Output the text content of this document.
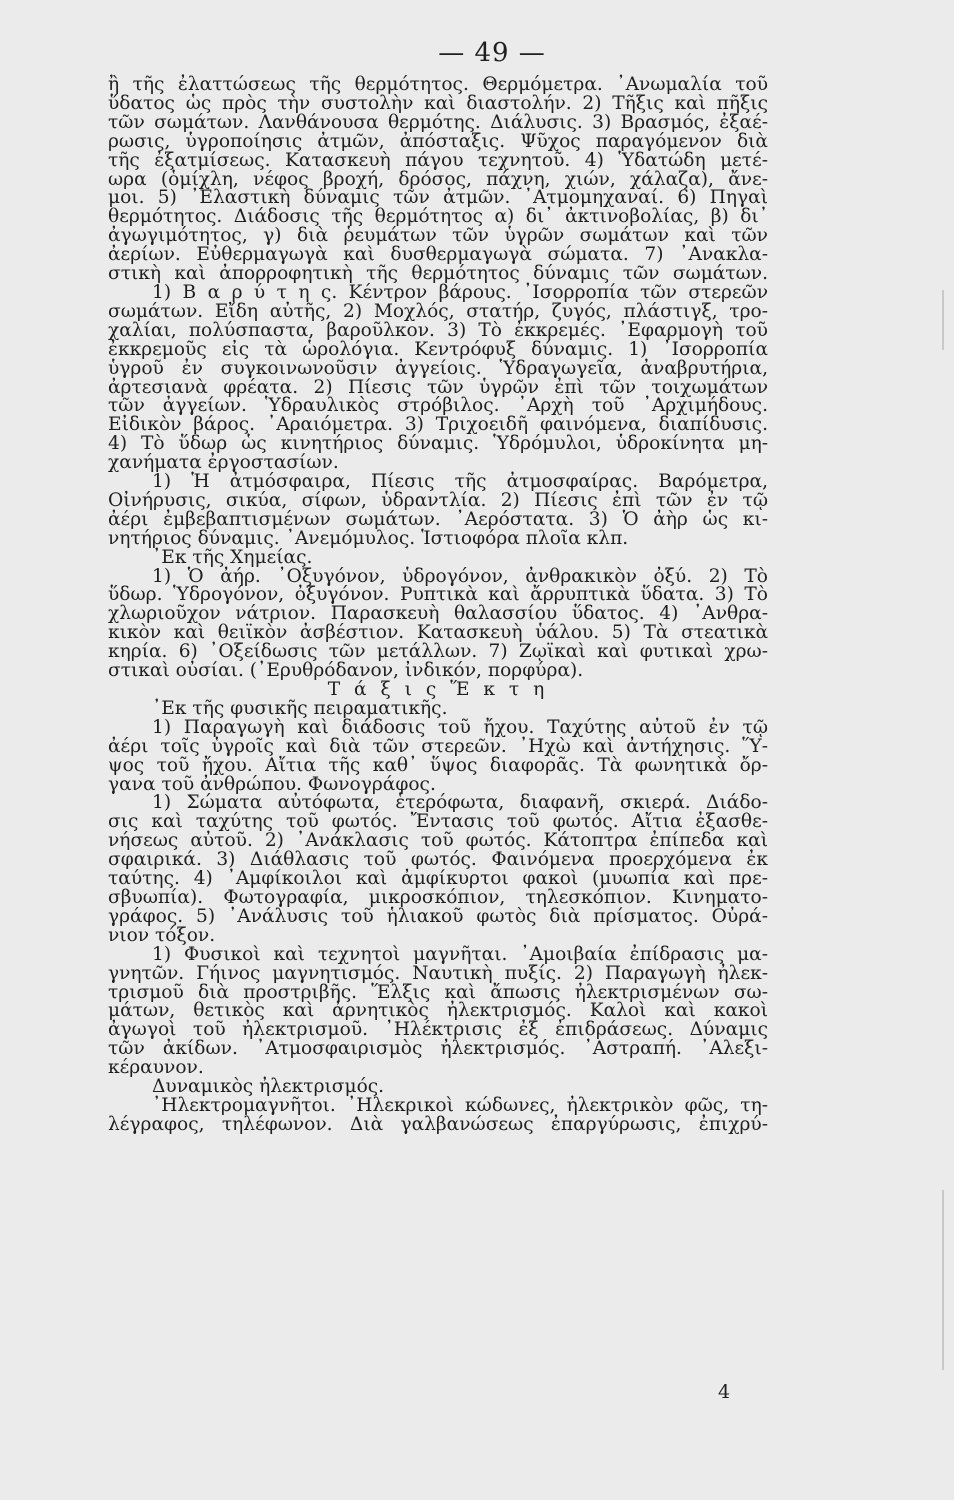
— 49 —
ἢ τῆς ἐλαττώσεως τῆς θερμότητος. Θερμόμετρα. ᾿Ανωμαλία τοῦ
ὕδατος ὡς πρὸς τὴν συστολὴν καὶ διαστολήν. 2) Τῆξις καὶ πῆξις
τῶν σωμάτων. Λανθάνουσα θερμότης. Διάλυσις. 3) Βρασμός, ἐξαέ-
ρωσις, ὑγροποίησις ἀτμῶν, ἀπόσταξις. Ψῦχος παραγόμενον διὰ
τῆς ἐξατμίσεως. Κατασκευὴ πάγου τεχνητοῦ. 4) Ὑδατώδη μετέ-
ωρα (ὁμίχλη, νέφος βροχή, δρόσος, πάχνη, χιών, χάλαζα), ἄνε-
μοι. 5) ᾿Ελαστικὴ δύναμις τῶν ἀτμῶν. ᾿Ατμομηχαναί. 6) Πηγαὶ
θερμότητος. Διάδοσις τῆς θερμότητος α) δι᾿ ἀκτινοβολίας, β) δι᾿
ἀγωγιμότητος, γ) διὰ ῥευμάτων τῶν ὑγρῶν σωμάτων καὶ τῶν
ἀερίων. Εὐθερμαγωγὰ καὶ δυσθερμαγωγὰ σώματα. 7) ᾿Ανακλα-
στικὴ καὶ ἀπορροφητικὴ τῆς θερμότητος δύναμις τῶν σωμάτων.
1) Β α ρ ύ τ η ς. Κέντρον βάρους. ᾿Ισορροπία τῶν στερεῶν
σωμάτων. Εἴδη αὐτῆς, 2) Μοχλός, στατήρ, ζυγός, πλάστιγξ, τρο-
χαλίαι, πολύσπαστα, βαροῦλκον. 3) Τὸ ἐκκρεμές. ᾿Εφαρμογὴ τοῦ
ἐκκρεμοῦς εἰς τὰ ὡρολόγια. Κεντρόφυξ δύναμις. 1) ᾿Ισορροπία
ὑγροῦ ἐν συγκοινωνοῦσιν ἀγγείοις. Ὑδραγωγεῖα, ἀναβρυτήρια,
ἀρτεσιανὰ φρέατα. 2) Πίεσις τῶν ὑγρῶν ἐπὶ τῶν τοιχωμάτων
τῶν ἀγγείων. Ὑδραυλικὸς στρόβιλος. ᾿Αρχὴ τοῦ ᾿Αρχιμήδους.
Εἰδικὸν βάρος. ᾿Αραιόμετρα. 3) Τριχοειδῆ φαινόμενα, διαπίδυσις.
4) Τὸ ὕδωρ ὡς κινητήριος δύναμις. Ὑδρόμυλοι, ὑδροκίνητα μη-
χανήματα ἐργοστασίων.
1) Ἡ ἀτμόσφαιρα, Πίεσις τῆς ἀτμοσφαίρας. Βαρόμετρα,
Οἰνήρυσις, σικύα, σίφων, ὑδραντλία. 2) Πίεσις ἐπὶ τῶν ἐν τῷ
ἀέρι ἐμβεβαπτισμένων σωμάτων. ᾿Αερόστατα. 3) Ὁ ἀὴρ ὡς κι-
νητήριος δύναμις. ᾿Ανεμόμυλος. Ἱστιοφόρα πλοῖα κλπ.
᾿Εκ τῆς Χημείας.
1) Ὁ ἀήρ. ᾿Οξυγόνον, ὑδρογόνον, ἀνθρακικὸν ὀξύ. 2) Τὸ
ὕδωρ. Ὑδρογόνον, ὀξυγόνον. Ρυπτικὰ καὶ ἄρρυπτικὰ ὕδατα. 3) Τὸ
χλωριοῦχον νάτριον. Παρασκευὴ θαλασσίου ὕδατος. 4) ᾿Ανθρα-
κικὸν καὶ θειϊκὸν ἀσβέστιον. Κατασκευὴ ὑάλου. 5) Τὰ στεατικὰ
κηρία. 6) ᾿Οξείδωσις τῶν μετάλλων. 7) Ζῳϊκαὶ καὶ φυτικαὶ χρω-
στικαὶ οὐσίαι. (᾿Ερυθρόδανον, ἰνδικόν, πορφύρα).
Τ ά ξ ι ς Ἕ κ τ η
᾿Εκ τῆς φυσικῆς πειραματικῆς.
1) Παραγωγὴ καὶ διάδοσις τοῦ ἤχου. Ταχύτης αὐτοῦ ἐν τῷ
ἀέρι τοῖς ὑγροῖς καὶ διὰ τῶν στερεῶν. ᾿Ηχὼ καὶ ἀντήχησις. Ὕ-
ψος τοῦ ἤχου. Αἴτια τῆς καθ᾿ ὕψος διαφορᾶς. Τὰ φωνητικὰ ὄρ-
γανα τοῦ ἀνθρώπου. Φωνογράφος.
1) Σώματα αὐτόφωτα, ἑτερόφωτα, διαφανῆ, σκιερά. Διάδο-
σις καὶ ταχύτης τοῦ φωτός. Ἔντασις τοῦ φωτός. Αἴτια ἐξασθε-
νήσεως αὐτοῦ. 2) ᾿Ανάκλασις τοῦ φωτός. Κάτοπτρα ἐπίπεδα καὶ
σφαιρικά. 3) Διάθλασις τοῦ φωτός. Φαινόμενα προερχόμενα ἐκ
ταύτης. 4) ᾿Αμφίκοιλοι καὶ ἀμφίκυρτοι φακοὶ (μυωπία καὶ πρε-
σβυωπία). Φωτογραφία, μικροσκόπιον, τηλεσκόπιον. Κινηματο-
γράφος. 5) ᾿Ανάλυσις τοῦ ἡλιακοῦ φωτὸς διὰ πρίσματος. Οὐρά-
νιον τόξον.
1) Φυσικοὶ καὶ τεχνητοὶ μαγνῆται. ᾿Αμοιβαία ἐπίδρασις μα-
γνητῶν. Γήινος μαγνητισμός. Ναυτικὴ πυξίς. 2) Παραγωγὴ ἠλεκ-
τρισμοῦ διὰ προστριβῆς. Ἕλξις καὶ ἄπωσις ἠλεκτρισμένων σω-
μάτων, θετικὸς καὶ ἀρνητικὸς ἠλεκτρισμός. Καλοὶ καὶ κακοὶ
ἀγωγοὶ τοῦ ἠλεκτρισμοῦ. ᾿Ηλέκτρισις ἐξ ἐπιδράσεως. Δύναμις
τῶν ἀκίδων. ᾿Ατμοσφαιρισμὸς ἠλεκτρισμός. ᾿Αστραπή. ᾿Αλεξι-
κέραυνον.
Δυναμικὸς ἠλεκτρισμός.
᾿Ηλεκτρομαγνῆτοι. ᾿Ηλεκρικοὶ κώδωνες, ἠλεκτρικὸν φῶς, τη-
λέγραφος, τηλέφωνον. Διὰ γαλβανώσεως ἐπαργύρωσις, ἐπιχρύ-
4
